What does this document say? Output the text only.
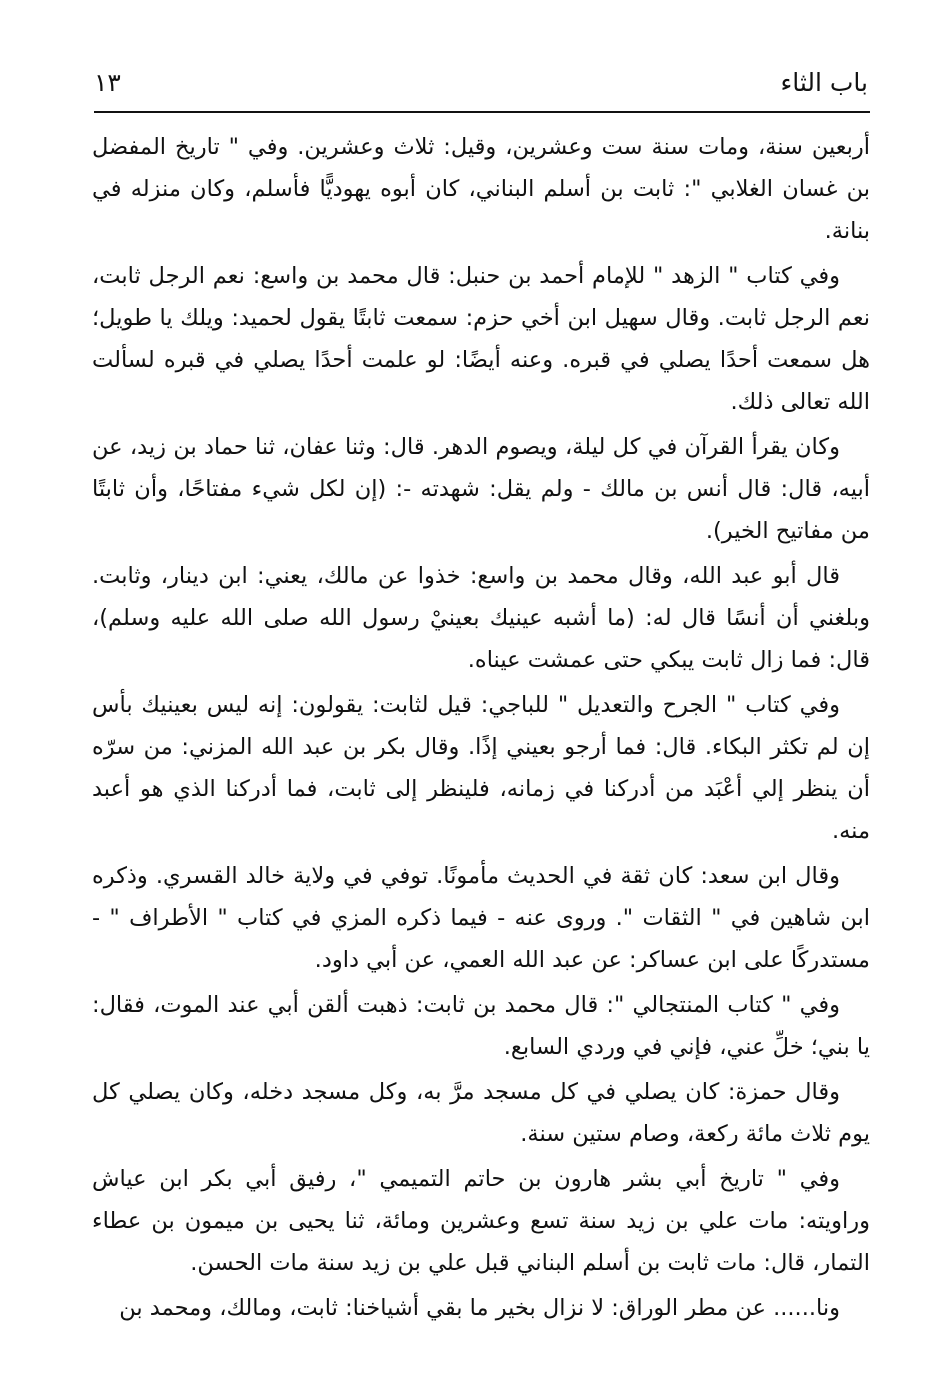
باب الثاء
١٣

أربعين سنة، ومات سنة ست وعشرين، وقيل: ثلاث وعشرين. وفي " تاريخ المفضل بن غسان الغلابي ": ثابت بن أسلم البناني، كان أبوه يهوديًّا فأسلم، وكان منزله في بنانة.

وفي كتاب " الزهد " للإمام أحمد بن حنبل: قال محمد بن واسع: نعم الرجل ثابت، نعم الرجل ثابت. وقال سهيل ابن أخي حزم: سمعت ثابتًا يقول لحميد: ويلك يا طويل؛ هل سمعت أحدًا يصلي في قبره. وعنه أيضًا: لو علمت أحدًا يصلي في قبره لسألت الله تعالى ذلك.

وكان يقرأ القرآن في كل ليلة، ويصوم الدهر. قال: وثنا عفان، ثنا حماد بن زيد، عن أبيه، قال: قال أنس بن مالك - ولم يقل: شهدته -: (إن لكل شيء مفتاحًا، وأن ثابتًا من مفاتيح الخير).

قال أبو عبد الله، وقال محمد بن واسع: خذوا عن مالك، يعني: ابن دينار، وثابت. وبلغني أن أنسًا قال له: (ما أشبه عينيك بعينيْ رسول الله صلى الله عليه وسلم)، قال: فما زال ثابت يبكي حتى عمشت عيناه.

وفي كتاب " الجرح والتعديل " للباجي: قيل لثابت: يقولون: إنه ليس بعينيك بأس إن لم تكثر البكاء. قال: فما أرجو بعيني إذًا. وقال بكر بن عبد الله المزني: من سرّه أن ينظر إلي أعْبَد من أدركنا في زمانه، فلينظر إلى ثابت، فما أدركنا الذي هو أعبد منه.

وقال ابن سعد: كان ثقة في الحديث مأمونًا. توفي في ولاية خالد القسري. وذكره ابن شاهين في " الثقات ". وروى عنه - فيما ذكره المزي في كتاب " الأطراف " - مستدركًا على ابن عساكر: عن عبد الله العمي، عن أبي داود.

وفي " كتاب المنتجالي ": قال محمد بن ثابت: ذهبت ألقن أبي عند الموت، فقال: يا بني؛ خلِّ عني، فإني في وردي السابع.

وقال حمزة: كان يصلي في كل مسجد مرَّ به، وكل مسجد دخله، وكان يصلي كل يوم ثلاث مائة ركعة، وصام ستين سنة.

وفي " تاريخ أبي بشر هارون بن حاتم التميمي "، رفيق أبي بكر ابن عياش وراويته: مات علي بن زيد سنة تسع وعشرين ومائة، ثنا يحيى بن ميمون بن عطاء التمار، قال: مات ثابت بن أسلم البناني قبل علي بن زيد سنة مات الحسن.

ونا...... عن مطر الوراق: لا نزال بخير ما بقي أشياخنا: ثابت، ومالك، ومحمد بن
